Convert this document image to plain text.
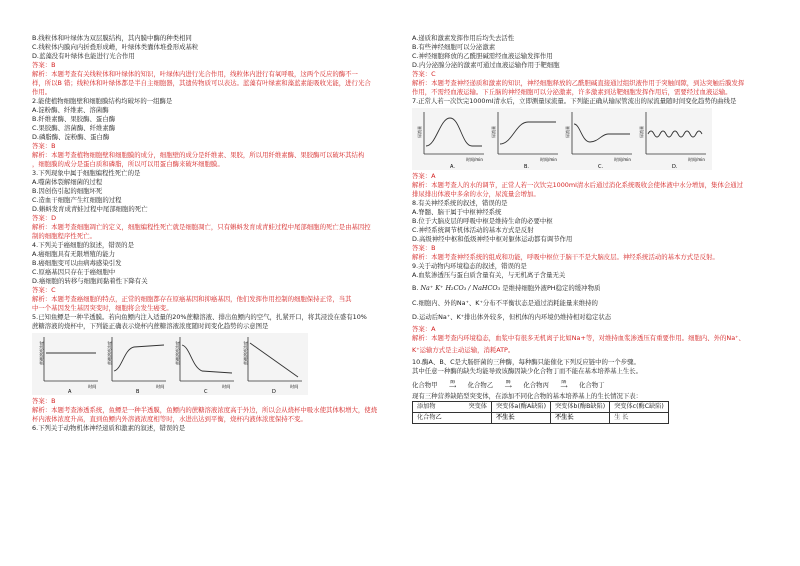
B.线粒体和叶绿体为双层膜结构，其内膜中酶的种类相同
C.线粒体内膜向内折叠形成嵴，叶绿体类囊体堆叠形成基粒
D.蓝藻没有叶绿体也能进行光合作用
答案：B
解析：本题考查有关线粒体和叶绿体的知识，叶绿体内进行光合作用，线粒体内进行有氧呼吸，这两个反应的酶不一
样，所以B 错；线粒体和叶绿体都是半自主细胞器，其遗传物质可以表达。蓝藻有叶绿素和藻蓝素能吸收光能，进行光合
作用。
2.能使植物细胞壁和细胞膜结构均破坏的一组酶是
A.淀粉酶、纤维素、溶菌酶
B.纤维素酶、果胶酶、蛋白酶
C.果胶酶、溶菌酶、纤维素酶
D.磷脂酶、淀粉酶、蛋白酶
答案：B
解析：本题考查植物细胞壁和细胞膜的成分，细胞壁的成分是纤维素、果胶，所以用纤维素酶、果胶酶可以破坏其结构
，细胞膜的成分是蛋白质和磷脂，所以可以用蛋白酶来破坏细胞膜。
3.下列现象中属于细胞编程性死亡的是
A.噬菌体裂解细菌的过程
B.因创伤引起的细胞坏死
C.造血干细胞产生红细胞的过程
D.蝌蚪发育成青蛙过程中尾部细胞的死亡
答案：D
解析：本题考查细胞凋亡的定义，细胞编程性死亡就是细胞凋亡，只有蝌蚪发育成青蛙过程中尾部细胞的死亡是由基因控
制的细胞程序性死亡。
4.下列关于癌细胞的叙述，错误的是
A.癌细胞具有无限增殖的能力
B.癌细胞变可以由病毒感染引发
C.原癌基因只存在于癌细胞中
D.癌细胞的转移与细胞间黏着性下降有关
答案：C
解析：本题考查癌细胞的特点，正常的细胞都存在原癌基因和抑癌基因，他们发挥作用控制的细胞保持正常，当其
中一个基因发生基因突变时，细胞将会发生癌变。
5.已知鱼鳔是一种半透膜。若向鱼鳔内注入适量的20%蔗糖溶液、排出鱼鳔内的空气，扎紧开口，将其浸没在盛有10%
蔗糖溶液的烧杯中，下列能正确表示烧杯内蔗糖溶液浓度随时间变化趋势的示意图是
蔗糖溶液浓度
时间
A
蔗糖溶液浓度
时间
B
蔗糖溶液浓度
时间
C
蔗糖溶液浓度
时间
D
答案：B
解析：本题考查渗透系统，鱼鳔是一种半透膜，鱼鳔内的蔗糖溶液浓度高于外边，所以会从烧杯中吸水使其体积增大，使烧
杯内液体浓度升高，直到鱼鳔内外溶液浓度相等时，水进出达到平衡，烧杯内液体浓度保持不变。
6.下列关于动物机体神经递质和激素的叙述，错误的是
A.递质和激素发挥作用后均失去活性
B.有些神经细胞可以分泌激素
C.神经细胞释放的乙酰胆碱需经血液运输发挥作用
D.内分泌腺分泌的激素可通过血液运输作用于靶细胞
答案：C
解析：本题考查神经递质和激素的知识，神经细胞释放的乙酰胆碱直接通过组织液作用于突触间隙，到达突触后膜发挥
作用，不需经血液运输。下丘脑的神经细胞可以分泌激素，许多激素到达靶细胞发挥作用后，需要经过血液运输。
7.正常人若一次饮完1000ml清水后，立即测量尿流量。下列能正确从输尿管流出的尿流量随时间变化趋势的曲线是
尿流量
时间/min
A.
尿流量
时间/min
B.
尿流量
时间/min
C.
尿流量
时间/min
D.
答案：A
解析：本题考查人的水的调节，正常人若一次饮完1000ml清水后通过消化系统吸收会使体液中水分增加，集体会通过
排尿排出体液中多余的水分，尿流量会增加。
8.有关神经系统的叙述，错误的是
A.脊髓、脑干属于中枢神经系统
B.位于大脑皮层的呼吸中枢是维持生命的必要中枢
C.神经系统调节机体活动的基本方式是反射
D.高级神经中枢和低级神经中枢对躯体运动都有调节作用
答案：B
解析：本题考查神经系统的组成和功能，呼吸中枢位于脑干不是大脑皮层。神经系统活动的基本方式是反射。
9.关于动物内环境稳态的叙述，错误的是
A.血浆渗透压与蛋白质含量有关，与无机离子含量无关
B. Na⁺ K⁺ H₂CO₃ / NaHCO₃ 是维持细胞外液PH稳定的缓冲物质
C.细胞内、外的Na⁺、K⁺分布不平衡状态是通过消耗能量来维持的
D.运动后Na⁺、K⁺排出体外较多，但机体的内环境仍维持相对稳定状态
答案：A
解析：本题考查内环境稳态，血浆中有很多无机离子比如Na+等，对维持血浆渗透压有重要作用。细胞内、外的Na⁺、
K⁺运输方式是主动运输，消耗ATP。
10.酶A、B、C是大肠肝菌的三种酶，每种酶只能催化下列反应链中的一个步骤。
其中任意一种酶的缺失均能导致该酶因缺少化合物丁而不能在基本培养基上生长。
化合物甲	酶
⟶ 化合物乙	酶
⟶ 化合物丙	酶
⟶ 化合物丁
现有三种营养缺陷型突变体，在添加不同化合物的基本培养基上的生长情况下表：
添加物 突变体	突变体a(酶A缺陷)	突变体b(酶B缺陷)	突变体c(酶C缺陷)
化合物乙	不生长	不生长	生 长
